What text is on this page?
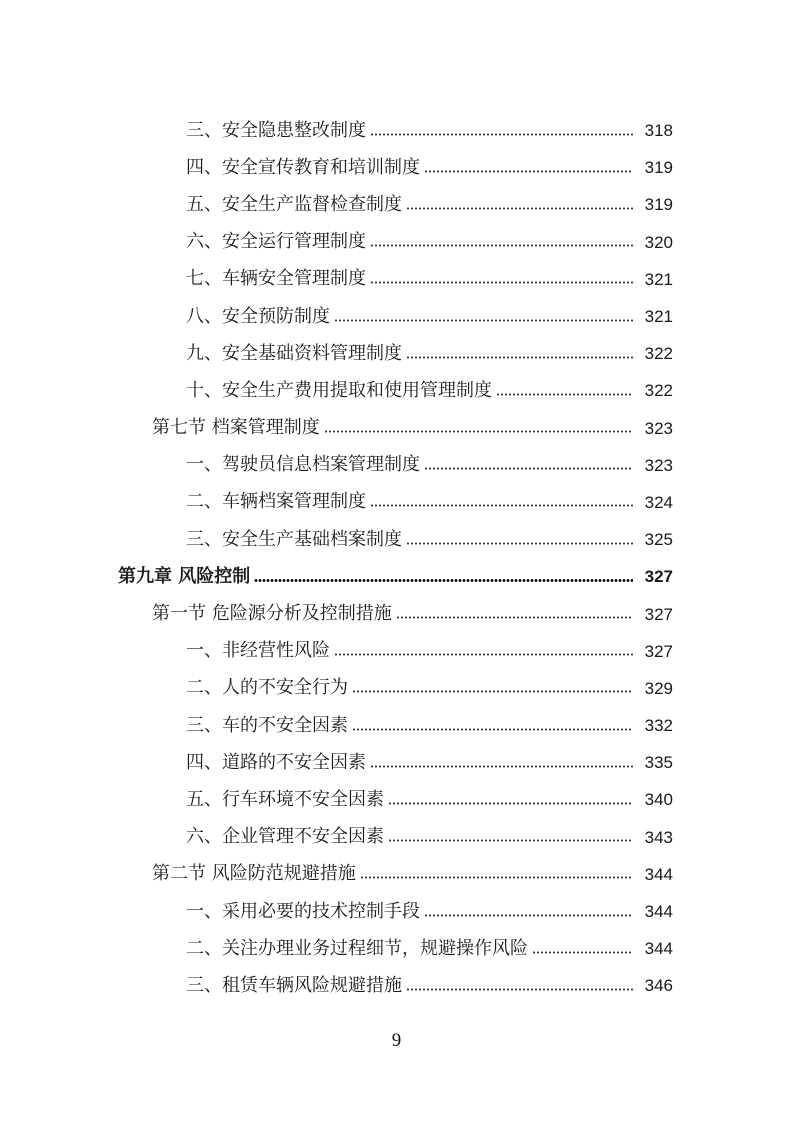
三、安全隐患整改制度	318
四、安全宣传教育和培训制度	319
五、安全生产监督检查制度	319
六、安全运行管理制度	320
七、车辆安全管理制度	321
八、安全预防制度	321
九、安全基础资料管理制度	322
十、安全生产费用提取和使用管理制度	322
第七节 档案管理制度	323
一、驾驶员信息档案管理制度	323
二、车辆档案管理制度	324
三、安全生产基础档案制度	325
第九章 风险控制	327
第一节 危险源分析及控制措施	327
一、非经营性风险	327
二、人的不安全行为	329
三、车的不安全因素	332
四、道路的不安全因素	335
五、行车环境不安全因素	340
六、企业管理不安全因素	343
第二节 风险防范规避措施	344
一、采用必要的技术控制手段	344
二、关注办理业务过程细节，规避操作风险	344
三、租赁车辆风险规避措施	346
9
